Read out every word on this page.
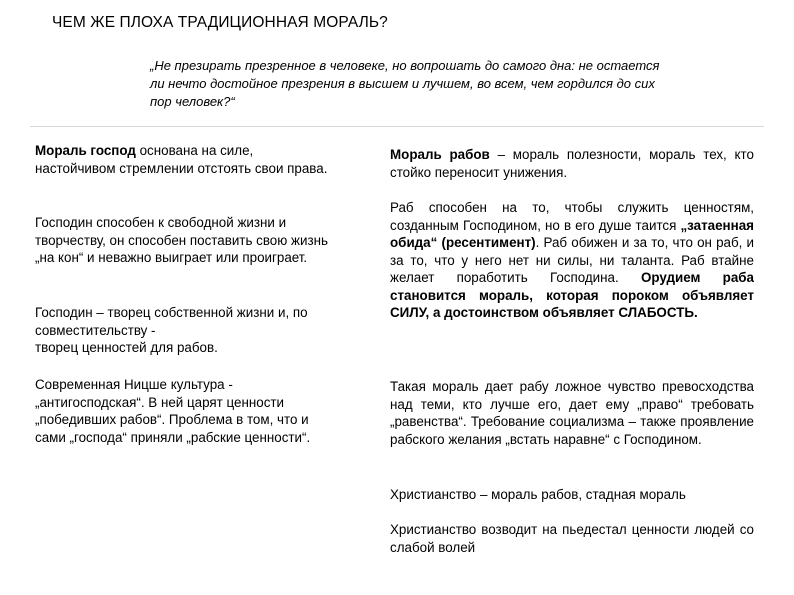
ЧЕМ ЖЕ ПЛОХА ТРАДИЦИОННАЯ МОРАЛЬ?
„Не презирать презренное в человеке, но вопрошать до самого дна: не остается ли нечто достойное презрения в высшем и лучшем, во всем, чем гордился до сих пор человек?“

Мораль господ основана на силе, настойчивом стремлении отстоять свои права.

Господин способен к свободной жизни и творчеству, он способен поставить свою жизнь „на кон“ и неважно выиграет или проиграет.

Господин – творец собственной жизни и, по совместительству -
творец ценностей для рабов.

Современная Ницше культура - „антигосподская“. В ней царят ценности „победивших рабов“. Проблема в том, что и сами „господа“ приняли „рабские ценности“.

Мораль рабов – мораль полезности, мораль тех, кто стойко переносит унижения.

Раб способен на то, чтобы служить ценностям, созданным Господином, но в его душе таится „затаенная обида“ (ресентимент). Раб обижен и за то, что он раб, и за то, что у него нет ни силы, ни таланта. Раб втайне желает поработить Господина. Орудием раба становится мораль, которая пороком объявляет СИЛУ, а достоинством объявляет СЛАБОСТЬ.

Такая мораль дает рабу ложное чувство превосходства над теми, кто лучше его, дает ему „право“ требовать „равенства“. Требование социализма – также проявление рабского желания „встать наравне“ с Господином.

Христианство – мораль рабов, стадная мораль

Христианство возводит на пьедестал ценности людей со слабой волей
